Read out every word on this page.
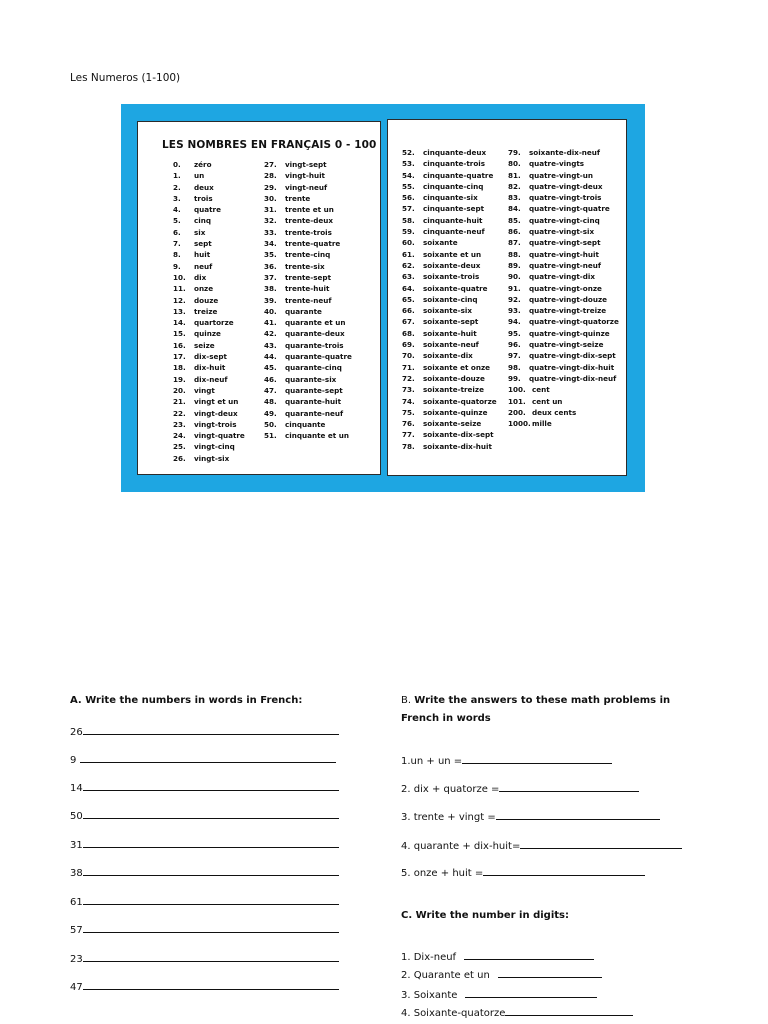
Les Numeros (1-100)
LES NOMBRES EN FRANÇAIS 0 - 100
0.	zéro
1.	un
2.	deux
3.	trois
4.	quatre
5.	cinq
6.	six
7.	sept
8.	huit
9.	neuf
10.	dix
11.	onze
12.	douze
13.	treize
14.	quartorze
15.	quinze
16.	seize
17.	dix-sept
18.	dix-huit
19.	dix-neuf
20.	vingt
21.	vingt et un
22.	vingt-deux
23.	vingt-trois
24.	vingt-quatre
25.	vingt-cinq
26.	vingt-six
27.	vingt-sept
28.	vingt-huit
29.	vingt-neuf
30.	trente
31.	trente et un
32.	trente-deux
33.	trente-trois
34.	trente-quatre
35.	trente-cinq
36.	trente-six
37.	trente-sept
38.	trente-huit
39.	trente-neuf
40.	quarante
41.	quarante et un
42.	quarante-deux
43.	quarante-trois
44.	quarante-quatre
45.	quarante-cinq
46.	quarante-six
47.	quarante-sept
48.	quarante-huit
49.	quarante-neuf
50.	cinquante
51.	cinquante et un
52.	cinquante-deux
53.	cinquante-trois
54.	cinquante-quatre
55.	cinquante-cinq
56.	cinquante-six
57.	cinquante-sept
58.	cinquante-huit
59.	cinquante-neuf
60.	soixante
61.	soixante et un
62.	soixante-deux
63.	soixante-trois
64.	soixante-quatre
65.	soixante-cinq
66.	soixante-six
67.	soixante-sept
68.	soixante-huit
69.	soixante-neuf
70.	soixante-dix
71.	soixante et onze
72.	soixante-douze
73.	soixante-treize
74.	soixante-quatorze
75.	soixante-quinze
76.	soixante-seize
77.	soixante-dix-sept
78.	soixante-dix-huit
79.	soixante-dix-neuf
80.	quatre-vingts
81.	quatre-vingt-un
82.	quatre-vingt-deux
83.	quatre-vingt-trois
84.	quatre-vingt-quatre
85.	quatre-vingt-cinq
86.	quatre-vingt-six
87.	quatre-vingt-sept
88.	quatre-vingt-huit
89.	quatre-vingt-neuf
90.	quatre-vingt-dix
91.	quatre-vingt-onze
92.	quatre-vingt-douze
93.	quatre-vingt-treize
94.	quatre-vingt-quatorze
95.	quatre-vingt-quinze
96.	quatre-vingt-seize
97.	quatre-vingt-dix-sept
98.	quatre-vingt-dix-huit
99.	quatre-vingt-dix-neuf
100. cent
101. cent un
200. deux cents
1000. mille
A. Write the numbers in words in French:
26
9
14
50
31
38
61
57
23
47
B. Write the answers to these math problems in French in words
1.un + un =
2. dix + quatorze =
3. trente + vingt =
4. quarante + dix-huit=
5. onze + huit =
C. Write the number in digits:
1. Dix-neuf
2. Quarante et un
3. Soixante
4. Soixante-quatorze
